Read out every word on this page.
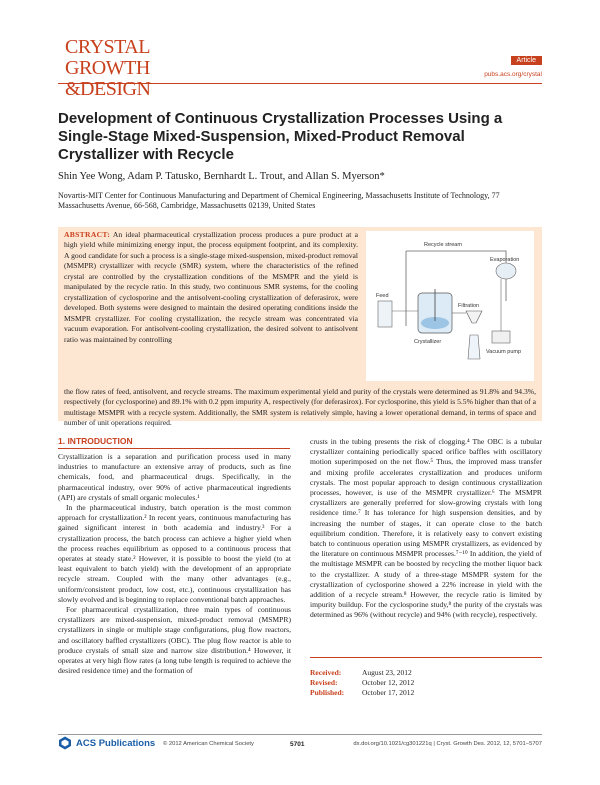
CRYSTAL
GROWTH
&DESIGN
Article
pubs.acs.org/crystal
Development of Continuous Crystallization Processes Using a Single-Stage Mixed-Suspension, Mixed-Product Removal Crystallizer with Recycle
Shin Yee Wong, Adam P. Tatusko, Bernhardt L. Trout, and Allan S. Myerson*
Novartis-MIT Center for Continuous Manufacturing and Department of Chemical Engineering, Massachusetts Institute of Technology, 77 Massachusetts Avenue, 66-568, Cambridge, Massachusetts 02139, United States
ABSTRACT: An ideal pharmaceutical crystallization process produces a pure product at a high yield while minimizing energy input, the process equipment footprint, and its complexity. A good candidate for such a process is a single-stage mixed-suspension, mixed-product removal (MSMPR) crystallizer with recycle (SMR) system, where the characteristics of the refined crystal are controlled by the crystallization conditions of the MSMPR and the yield is manipulated by the recycle ratio. In this study, two continuous SMR systems, for the cooling crystallization of cyclosporine and the antisolvent-cooling crystallization of deferasirox, were developed. Both systems were designed to maintain the desired operating conditions inside the MSMPR crystallizer. For cooling crystallization, the recycle stream was concentrated via vacuum evaporation. For antisolvent-cooling crystallization, the desired solvent to antisolvent ratio was maintained by controlling
Recycle stream
Evaporation
Crystallizer
Feed
Filtration
Vacuum pump
the flow rates of feed, antisolvent, and recycle streams. The maximum experimental yield and purity of the crystals were determined as 91.8% and 94.3%, respectively (for cyclosporine) and 89.1% with 0.2 ppm impurity A, respectively (for deferasirox). For cyclosporine, this yield is 5.5% higher than that of a multistage MSMPR with a recycle system. Additionally, the SMR system is relatively simple, having a lower operational demand, in terms of space and number of unit operations required.
1. INTRODUCTION

Crystallization is a separation and purification process used in many industries to manufacture an extensive array of products, such as fine chemicals, food, and pharmaceutical drugs. Specifically, in the pharmaceutical industry, over 90% of active pharmaceutical ingredients (API) are crystals of small organic molecules.¹

In the pharmaceutical industry, batch operation is the most common approach for crystallization.² In recent years, continuous manufacturing has gained significant interest in both academia and industry.³ For a crystallization process, the batch process can achieve a higher yield when the process reaches equilibrium as opposed to a continuous process that operates at steady state.² However, it is possible to boost the yield (to at least equivalent to batch yield) with the development of an appropriate recycle stream. Coupled with the many other advantages (e.g., uniform/consistent product, low cost, etc.), continuous crystallization has slowly evolved and is beginning to replace conventional batch approaches.

For pharmaceutical crystallization, three main types of continuous crystallizers are mixed-suspension, mixed-product removal (MSMPR) crystallizers in single or multiple stage configurations, plug flow reactors, and oscillatory baffled crystallizers (OBC). The plug flow reactor is able to produce crystals of small size and narrow size distribution.⁴ However, it operates at very high flow rates (a long tube length is required to achieve the desired residence time) and the formation of

crusts in the tubing presents the risk of clogging.⁴ The OBC is a tubular crystallizer containing periodically spaced orifice baffles with oscillatory motion superimposed on the net flow.⁵ Thus, the improved mass transfer and mixing profile accelerates crystallization and produces uniform crystals. The most popular approach to design continuous crystallization processes, however, is use of the MSMPR crystallizer.⁶ The MSMPR crystallizers are generally preferred for slow-growing crystals with long residence time.⁷ It has tolerance for high suspension densities, and by increasing the number of stages, it can operate close to the batch equilibrium condition. Therefore, it is relatively easy to convert existing batch to continuous operation using MSMPR crystallizers, as evidenced by the literature on continuous MSMPR processes.⁷⁻¹⁰ In addition, the yield of the multistage MSMPR can be boosted by recycling the mother liquor back to the crystallizer. A study of a three-stage MSMPR system for the crystallization of cyclosporine showed a 22% increase in yield with the addition of a recycle stream.⁸ However, the recycle ratio is limited by impurity buildup. For the cyclosporine study,⁸ the purity of the crystals was determined as 96% (without recycle) and 94% (with recycle), respectively.

Received:	August 23, 2012
Revised:	October 12, 2012
Published: October 17, 2012
ACS Publications © 2012 American Chemical Society	5701	dx.doi.org/10.1021/cg301221q | Cryst. Growth Des. 2012, 12, 5701−5707
